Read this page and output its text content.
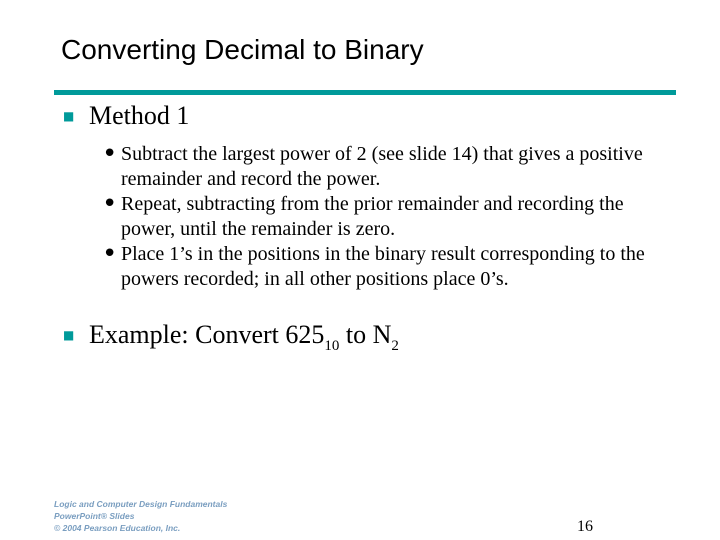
Converting Decimal to Binary
■ Method 1
• Subtract the largest power of 2 (see slide 14) that gives a positive remainder and record the power.
• Repeat, subtracting from the prior remainder and recording the power, until the remainder is zero.
• Place 1’s in the positions in the binary result corresponding to the powers recorded; in all other positions place 0’s.
■ Example: Convert $625_{10}$ to $N_2$
Logic and Computer Design Fundamentals
PowerPoint® Slides
© 2004 Pearson Education, Inc.	16
